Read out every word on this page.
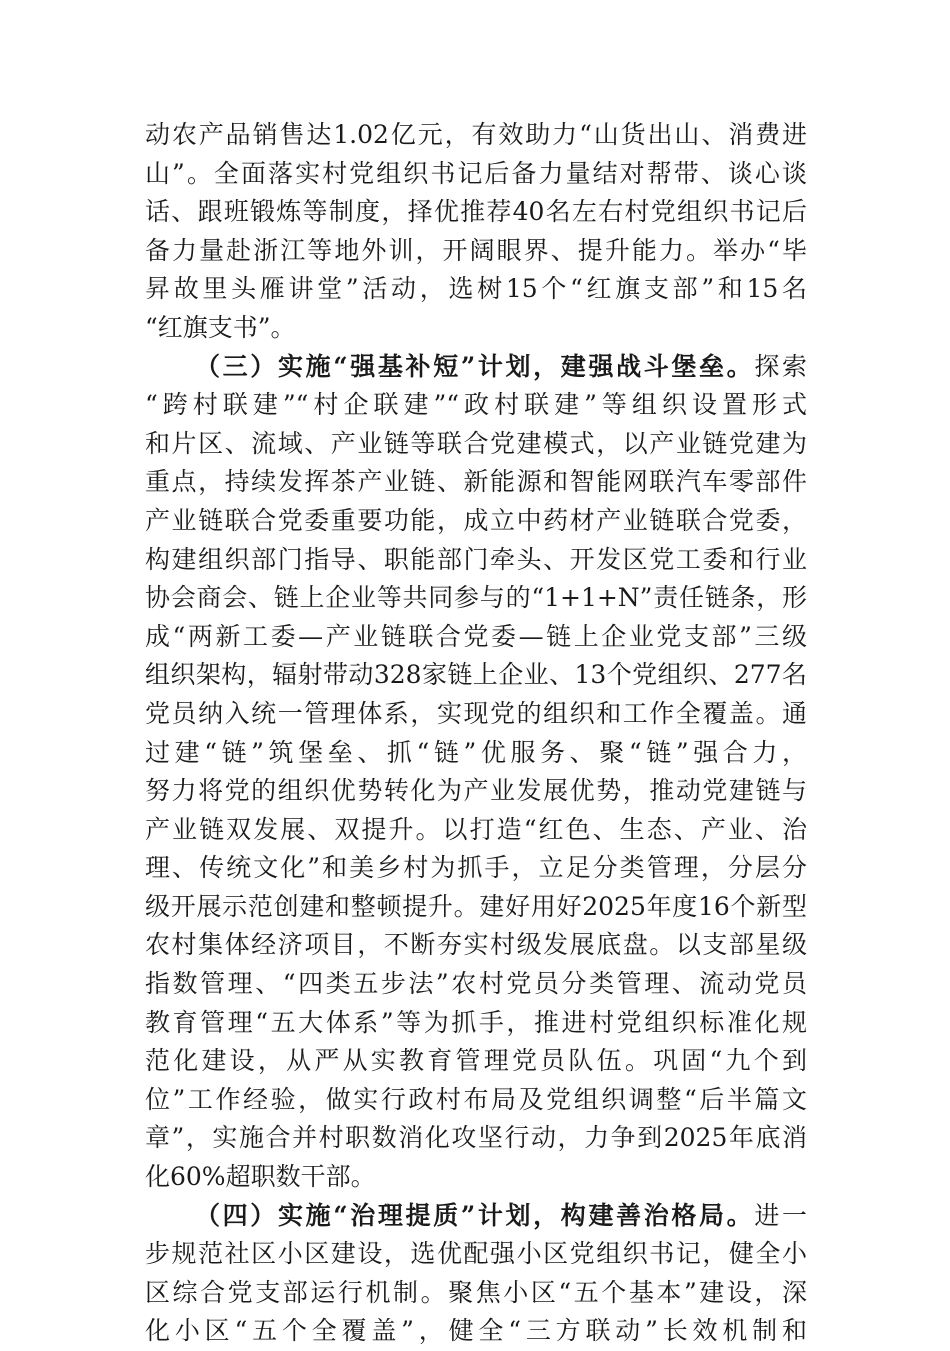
动农产品销售达1.02亿元，有效助力“山货出山、消费进
山”。全面落实村党组织书记后备力量结对帮带、谈心谈
话、跟班锻炼等制度，择优推荐40名左右村党组织书记后
备力量赴浙江等地外训，开阔眼界、提升能力。举办“毕
昇故里头雁讲堂”活动，选树15个“红旗支部”和15名
“红旗支书”。
（三）实施“强基补短”计划，建强战斗堡垒。探索
“跨村联建”“村企联建”“政村联建”等组织设置形式
和片区、流域、产业链等联合党建模式，以产业链党建为
重点，持续发挥茶产业链、新能源和智能网联汽车零部件
产业链联合党委重要功能，成立中药材产业链联合党委，
构建组织部门指导、职能部门牵头、开发区党工委和行业
协会商会、链上企业等共同参与的“1+1+N”责任链条，形
成“两新工委—产业链联合党委—链上企业党支部”三级
组织架构，辐射带动328家链上企业、13个党组织、277名
党员纳入统一管理体系，实现党的组织和工作全覆盖。通
过建“链”筑堡垒、抓“链”优服务、聚“链”强合力，
努力将党的组织优势转化为产业发展优势，推动党建链与
产业链双发展、双提升。以打造“红色、生态、产业、治
理、传统文化”和美乡村为抓手，立足分类管理，分层分
级开展示范创建和整顿提升。建好用好2025年度16个新型
农村集体经济项目，不断夯实村级发展底盘。以支部星级
指数管理、“四类五步法”农村党员分类管理、流动党员
教育管理“五大体系”等为抓手，推进村党组织标准化规
范化建设，从严从实教育管理党员队伍。巩固“九个到
位”工作经验，做实行政村布局及党组织调整“后半篇文
章”，实施合并村职数消化攻坚行动，力争到2025年底消
化60%超职数干部。
（四）实施“治理提质”计划，构建善治格局。进一
步规范社区小区建设，选优配强小区党组织书记，健全小
区综合党支部运行机制。聚焦小区“五个基本”建设，深
化小区“五个全覆盖”，健全“三方联动”长效机制和
